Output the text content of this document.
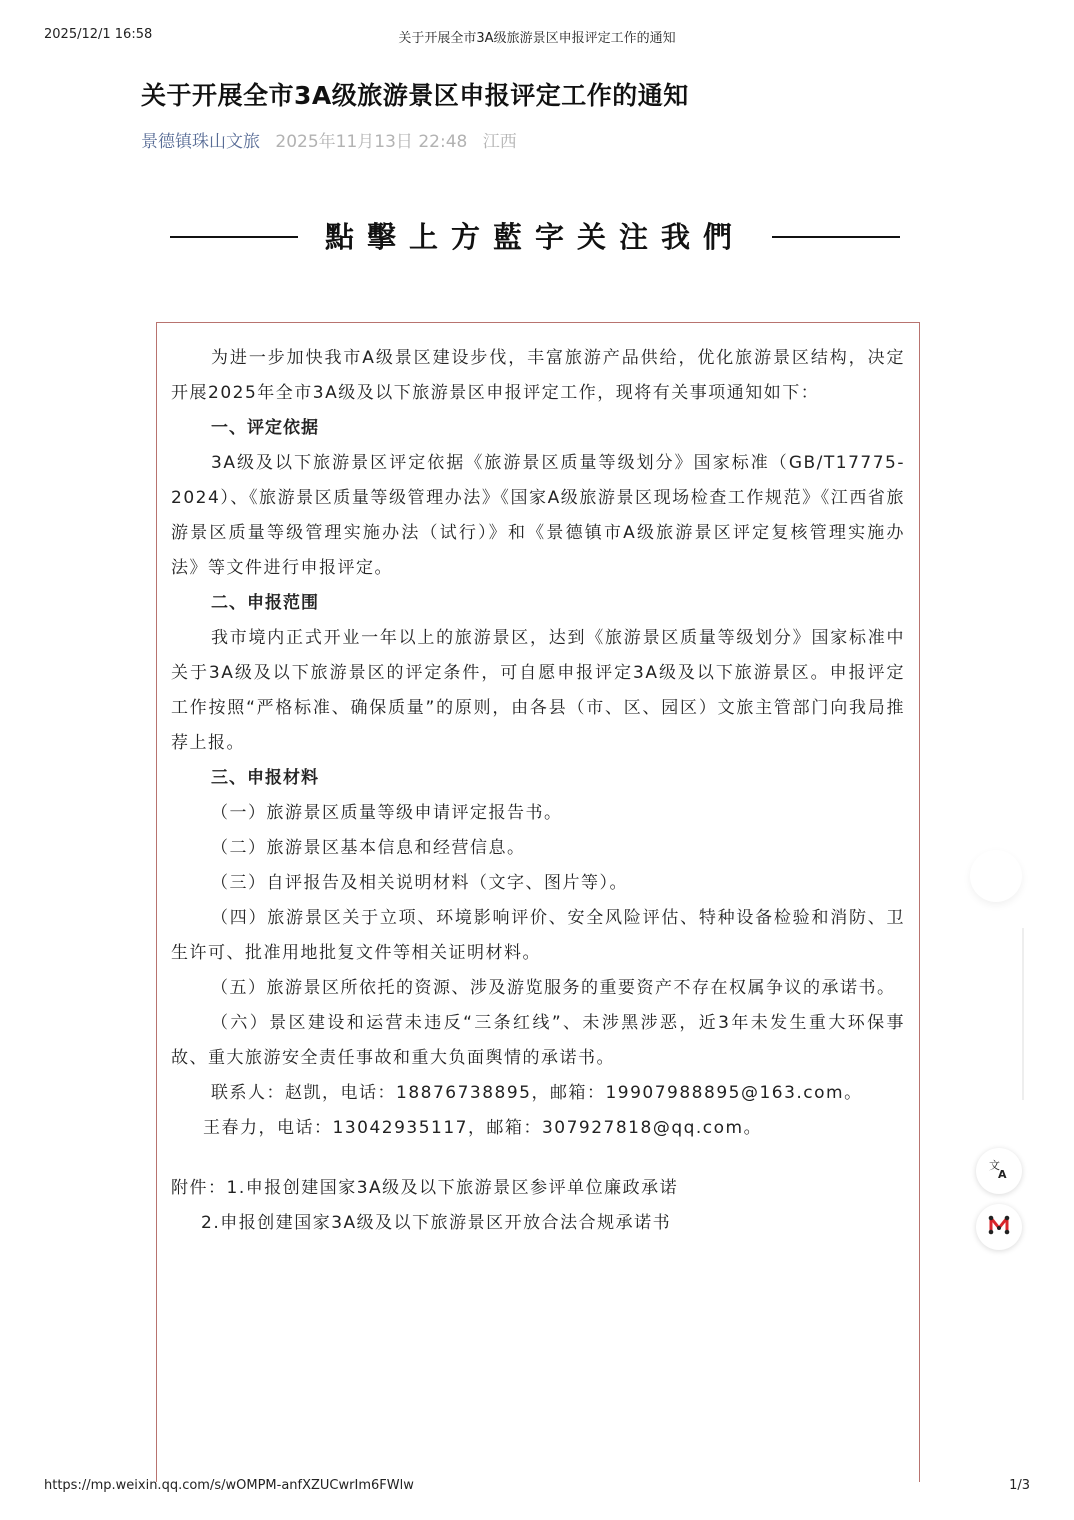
2025/12/1 16:58	关于开展全市3A级旅游景区申报评定工作的通知
关于开展全市3A级旅游景区申报评定工作的通知
景德镇珠山文旅 2025年11月13日 22:48 江西
點擊上方藍字关注我們

为进一步加快我市A级景区建设步伐，丰富旅游产品供给，优化旅游景区结构，决定开展2025年全市3A级及以下旅游景区申报评定工作，现将有关事项通知如下：

一、评定依据

3A级及以下旅游景区评定依据《旅游景区质量等级划分》国家标准（GB/T17775-2024）、《旅游景区质量等级管理办法》《国家A级旅游景区现场检查工作规范》《江西省旅游景区质量等级管理实施办法（试行）》和《景德镇市A级旅游景区评定复核管理实施办法》等文件进行申报评定。

二、申报范围

我市境内正式开业一年以上的旅游景区，达到《旅游景区质量等级划分》国家标准中关于3A级及以下旅游景区的评定条件，可自愿申报评定3A级及以下旅游景区。申报评定工作按照“严格标准、确保质量”的原则，由各县（市、区、园区）文旅主管部门向我局推荐上报。

三、申报材料

（一）旅游景区质量等级申请评定报告书。

（二）旅游景区基本信息和经营信息。

（三）自评报告及相关说明材料（文字、图片等）。

（四）旅游景区关于立项、环境影响评价、安全风险评估、特种设备检验和消防、卫生许可、批准用地批复文件等相关证明材料。

（五）旅游景区所依托的资源、涉及游览服务的重要资产不存在权属争议的承诺书。

（六）景区建设和运营未违反“三条红线”、未涉黑涉恶，近3年未发生重大环保事故、重大旅游安全责任事故和重大负面舆情的承诺书。

联系人：赵凯，电话：18876738895，邮箱：19907988895@163.com。

王春力，电话：13042935117，邮箱：307927818@qq.com。

附件：1.申报创建国家3A级及以下旅游景区参评单位廉政承诺

2.申报创建国家3A级及以下旅游景区开放合法合规承诺书

文
A
https://mp.weixin.qq.com/s/wOMPM-anfXZUCwrIm6FWlw	1/3
